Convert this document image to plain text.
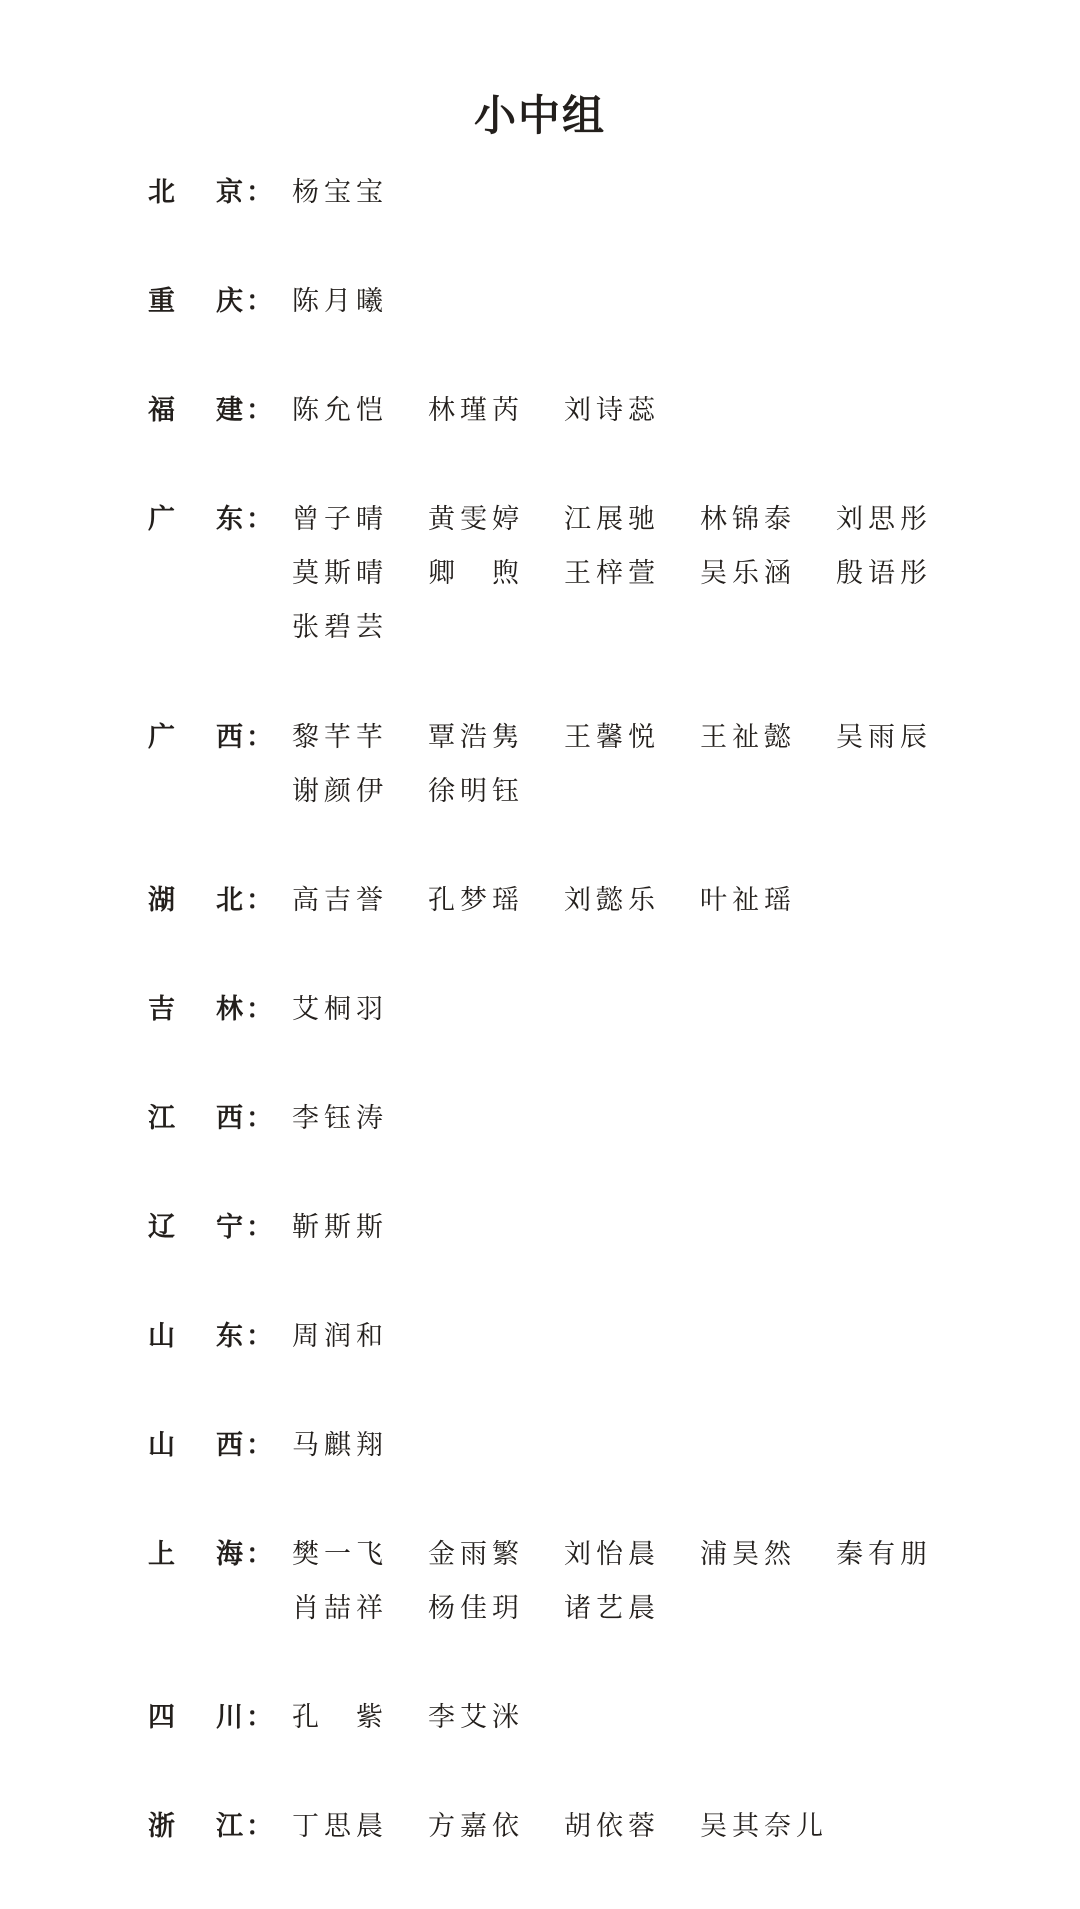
小中组
北 京 ： 杨宝宝
重 庆 ： 陈月曦
福 建 ： 陈允恺 林瑾芮 刘诗蕊
广 东 ： 曾子晴 黄雯婷 江展驰 林锦泰 刘思彤
莫斯晴 卿　煦 王梓萱 吴乐涵 殷语彤
张碧芸
广 西 ： 黎芊芊 覃浩隽 王馨悦 王祉懿 吴雨辰
谢颜伊 徐明钰
湖 北 ： 高吉誉 孔梦瑶 刘懿乐 叶祉瑶
吉 林 ： 艾桐羽
江 西 ： 李钰涛
辽 宁 ： 靳斯斯
山 东 ： 周润和
山 西 ： 马麒翔
上 海 ： 樊一飞 金雨繁 刘怡晨 浦昊然 秦有朋
肖喆祥 杨佳玥 诸艺晨
四 川 ： 孔　紫 李艾洣
浙 江 ： 丁思晨 方嘉依 胡依蓉 吴其奈儿
